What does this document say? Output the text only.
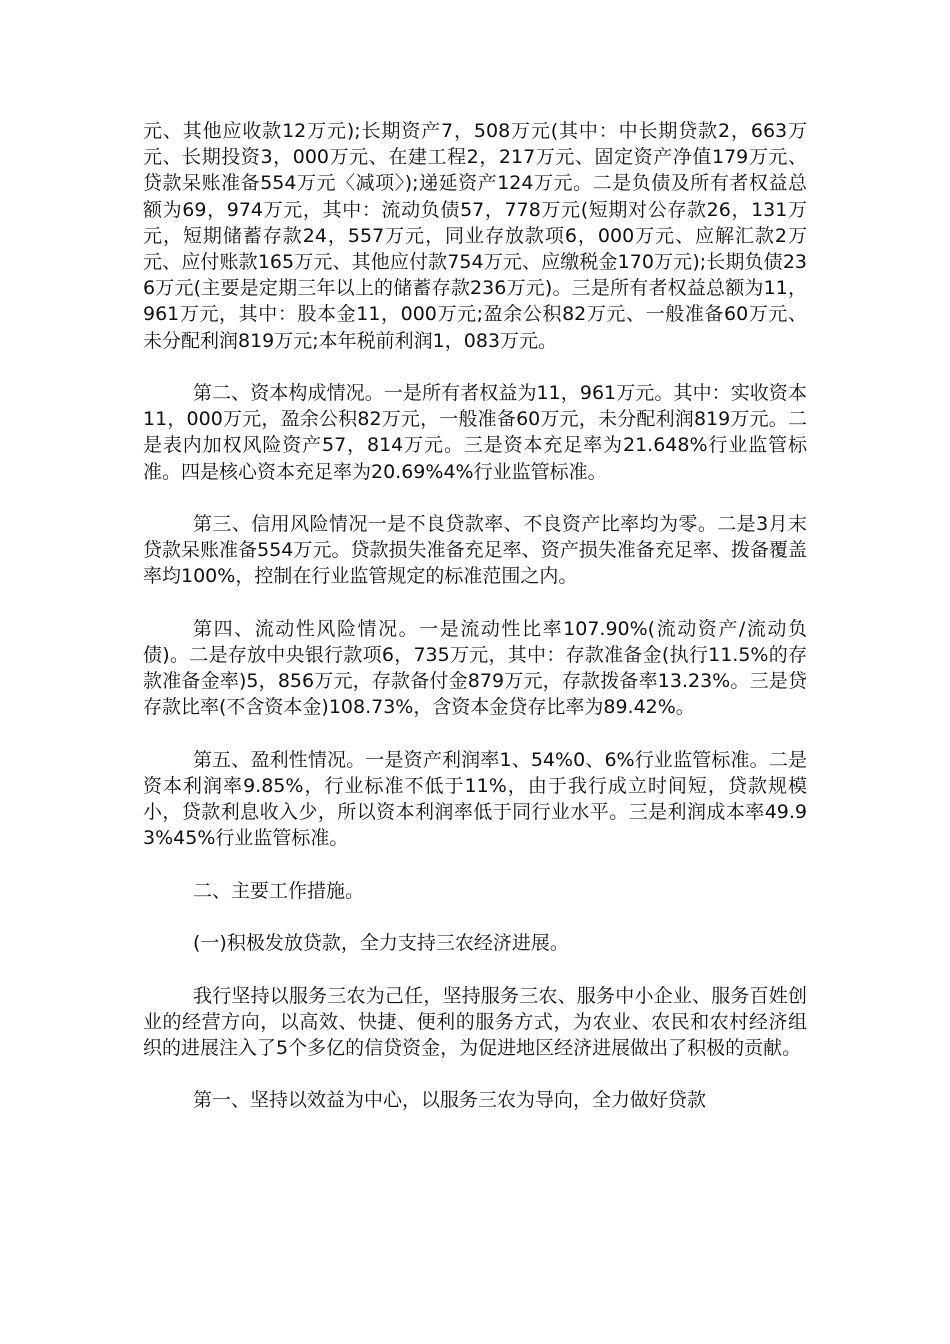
元、其他应收款12万元);长期资产7，508万元(其中：中长期贷款2，663万元、长期投资3，000万元、在建工程2，217万元、固定资产净值179万元、贷款呆账准备554万元〈减项〉);递延资产124万元。二是负债及所有者权益总额为69，974万元，其中：流动负债57，778万元(短期对公存款26，131万元，短期储蓄存款24，557万元，同业存放款项6，000万元、应解汇款2万元、应付账款165万元、其他应付款754万元、应缴税金170万元);长期负债236万元(主要是定期三年以上的储蓄存款236万元)。三是所有者权益总额为11，961万元，其中：股本金11，000万元;盈余公积82万元、一般准备60万元、未分配利润819万元;本年税前利润1，083万元。

第二、资本构成情况。一是所有者权益为11，961万元。其中：实收资本11，000万元，盈余公积82万元，一般准备60万元，未分配利润819万元。二是表内加权风险资产57，814万元。三是资本充足率为21.648%行业监管标准。四是核心资本充足率为20.69%4%行业监管标准。

第三、信用风险情况一是不良贷款率、不良资产比率均为零。二是3月末贷款呆账准备554万元。贷款损失准备充足率、资产损失准备充足率、拨备覆盖率均100%，控制在行业监管规定的标准范围之内。

第四、流动性风险情况。一是流动性比率107.90%(流动资产/流动负债)。二是存放中央银行款项6，735万元，其中：存款准备金(执行11.5%的存款准备金率)5，856万元，存款备付金879万元，存款拨备率13.23%。三是贷存款比率(不含资本金)108.73%，含资本金贷存比率为89.42%。

第五、盈利性情况。一是资产利润率1、54%0、6%行业监管标准。二是资本利润率9.85%，行业标准不低于11%，由于我行成立时间短，贷款规模小，贷款利息收入少，所以资本利润率低于同行业水平。三是利润成本率49.93%45%行业监管标准。

二、主要工作措施。

(一)积极发放贷款，全力支持三农经济进展。

我行坚持以服务三农为己任，坚持服务三农、服务中小企业、服务百姓创业的经营方向，以高效、快捷、便利的服务方式，为农业、农民和农村经济组织的进展注入了5个多亿的信贷资金，为促进地区经济进展做出了积极的贡献。

第一、坚持以效益为中心，以服务三农为导向，全力做好贷款
